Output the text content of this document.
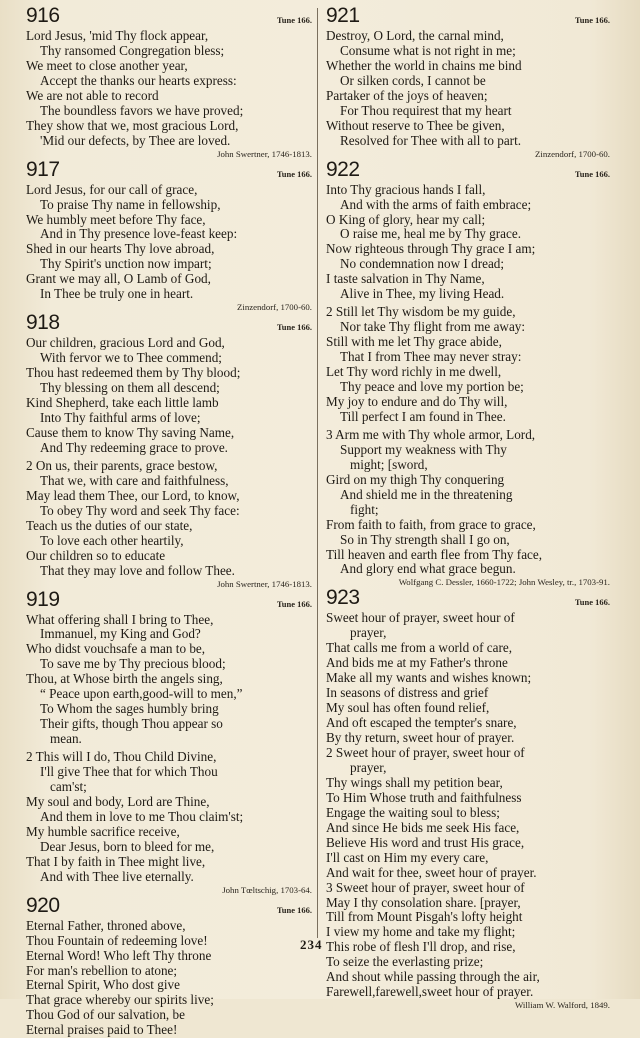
916	Tune 166.
Lord Jesus, 'mid Thy flock appear,
Thy ransomed Congregation bless;
We meet to close another year,
Accept the thanks our hearts express:
We are not able to record
The boundless favors we have proved;
They show that we, most gracious Lord,
'Mid our defects, by Thee are loved.
John Swertner, 1746-1813.
917	Tune 166.
Lord Jesus, for our call of grace,
To praise Thy name in fellowship,
We humbly meet before Thy face,
And in Thy presence love-feast keep:
Shed in our hearts Thy love abroad,
Thy Spirit's unction now impart;
Grant we may all, O Lamb of God,
In Thee be truly one in heart.
Zinzendorf, 1700-60.
918	Tune 166.
Our children, gracious Lord and God,
With fervor we to Thee commend;
Thou hast redeemed them by Thy blood;
Thy blessing on them all descend;
Kind Shepherd, take each little lamb
Into Thy faithful arms of love;
Cause them to know Thy saving Name,
And Thy redeeming grace to prove.
2 On us, their parents, grace bestow,
That we, with care and faithfulness,
May lead them Thee, our Lord, to know,
To obey Thy word and seek Thy face:
Teach us the duties of our state,
To love each other heartily,
Our children so to educate
That they may love and follow Thee.
John Swertner, 1746-1813.
919	Tune 166.
What offering shall I bring to Thee,
Immanuel, my King and God?
Who didst vouchsafe a man to be,
To save me by Thy precious blood;
Thou, at Whose birth the angels sing,
“ Peace upon earth,good-will to men,”
To Whom the sages humbly bring
Their gifts, though Thou appear so
mean.
2 This will I do, Thou Child Divine,
I'll give Thee that for which Thou
cam'st;
My soul and body, Lord are Thine,
And them in love to me Thou claim'st;
My humble sacrifice receive,
Dear Jesus, born to bleed for me,
That I by faith in Thee might live,
And with Thee live eternally.
John Tœltschig, 1703-64.
920	Tune 166.
Eternal Father, throned above,
Thou Fountain of redeeming love!
Eternal Word! Who left Thy throne
For man's rebellion to atone;
Eternal Spirit, Who dost give
That grace whereby our spirits live;
Thou God of our salvation, be
Eternal praises paid to Thee!
921	Tune 166.
Destroy, O Lord, the carnal mind,
Consume what is not right in me;
Whether the world in chains me bind
Or silken cords, I cannot be
Partaker of the joys of heaven;
For Thou requirest that my heart
Without reserve to Thee be given,
Resolved for Thee with all to part.
Zinzendorf, 1700-60.
922	Tune 166.
Into Thy gracious hands I fall,
And with the arms of faith embrace;
O King of glory, hear my call;
O raise me, heal me by Thy grace.
Now righteous through Thy grace I am;
No condemnation now I dread;
I taste salvation in Thy Name,
Alive in Thee, my living Head.
2 Still let Thy wisdom be my guide,
Nor take Thy flight from me away:
Still with me let Thy grace abide,
That I from Thee may never stray:
Let Thy word richly in me dwell,
Thy peace and love my portion be;
My joy to endure and do Thy will,
Till perfect I am found in Thee.
3 Arm me with Thy whole armor, Lord,
Support my weakness with Thy
might; [sword,
Gird on my thigh Thy conquering
And shield me in the threatening
fight;
From faith to faith, from grace to grace,
So in Thy strength shall I go on,
Till heaven and earth flee from Thy face,
And glory end what grace begun.
Wolfgang C. Dessler, 1660-1722; John Wesley, tr., 1703-91.
923	Tune 166.
Sweet hour of prayer, sweet hour of
prayer,
That calls me from a world of care,
And bids me at my Father's throne
Make all my wants and wishes known;
In seasons of distress and grief
My soul has often found relief,
And oft escaped the tempter's snare,
By thy return, sweet hour of prayer.
2 Sweet hour of prayer, sweet hour of
prayer,
Thy wings shall my petition bear,
To Him Whose truth and faithfulness
Engage the waiting soul to bless;
And since He bids me seek His face,
Believe His word and trust His grace,
I'll cast on Him my every care,
And wait for thee, sweet hour of prayer.
3 Sweet hour of prayer, sweet hour of
May I thy consolation share. [prayer,
Till from Mount Pisgah's lofty height
I view my home and take my flight;
This robe of flesh I'll drop, and rise,
To seize the everlasting prize;
And shout while passing through the air,
Farewell,farewell,sweet hour of prayer.
William W. Walford, 1849.
234
